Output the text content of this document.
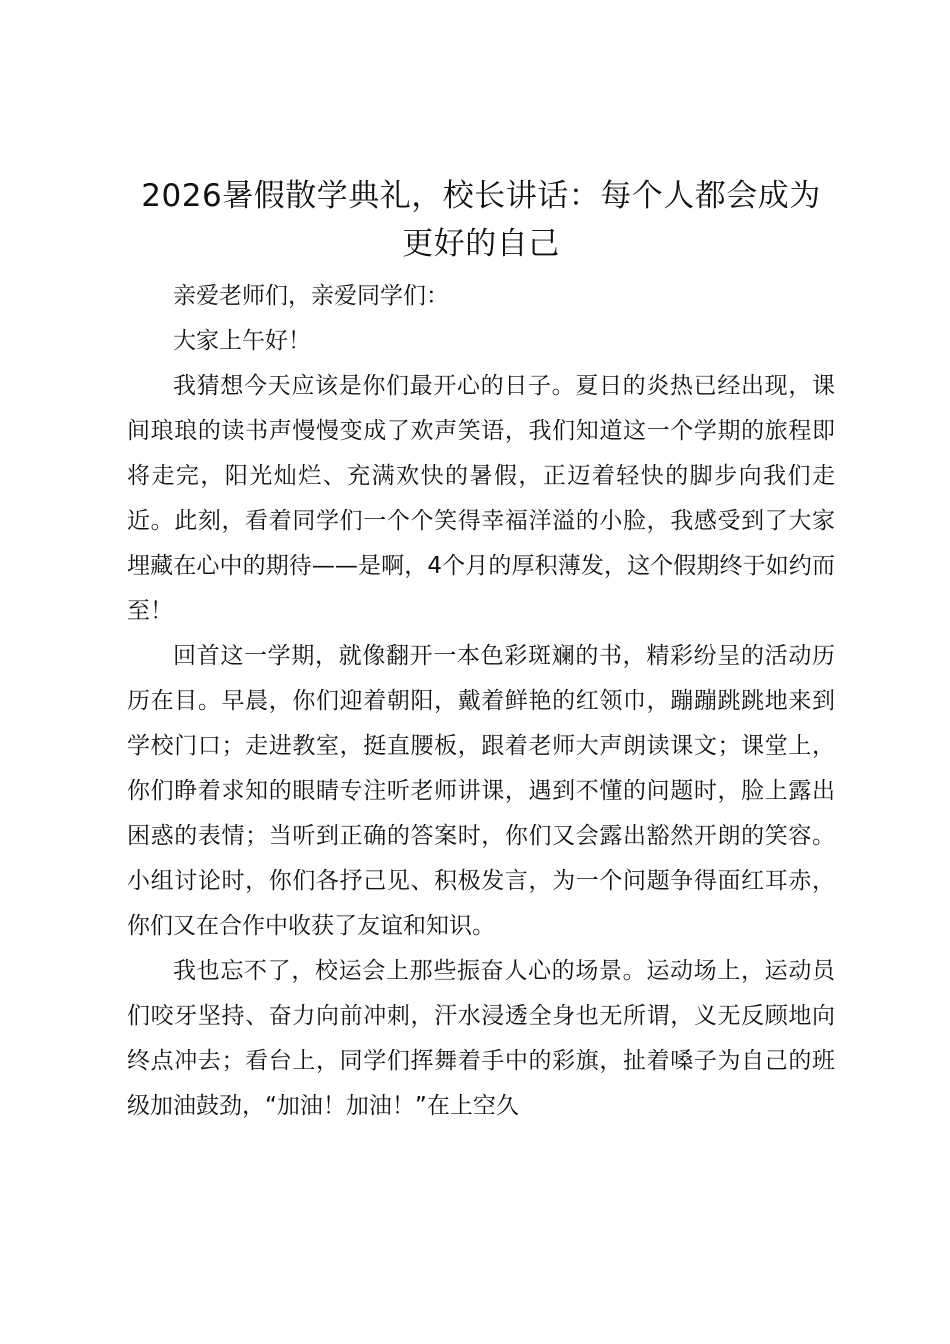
2026暑假散学典礼，校长讲话：每个人都会成为更好的自己

亲爱老师们，亲爱同学们：

大家上午好！

我猜想今天应该是你们最开心的日子。夏日的炎热已经出现，课间琅琅的读书声慢慢变成了欢声笑语，我们知道这一个学期的旅程即将走完，阳光灿烂、充满欢快的暑假，正迈着轻快的脚步向我们走近。此刻，看着同学们一个个笑得幸福洋溢的小脸，我感受到了大家埋藏在心中的期待——是啊，4个月的厚积薄发，这个假期终于如约而至！

回首这一学期，就像翻开一本色彩斑斓的书，精彩纷呈的活动历历在目。早晨，你们迎着朝阳，戴着鲜艳的红领巾，蹦蹦跳跳地来到学校门口；走进教室，挺直腰板，跟着老师大声朗读课文；课堂上，你们睁着求知的眼睛专注听老师讲课，遇到不懂的问题时，脸上露出困惑的表情；当听到正确的答案时，你们又会露出豁然开朗的笑容。小组讨论时，你们各抒己见、积极发言，为一个问题争得面红耳赤，你们又在合作中收获了友谊和知识。

我也忘不了，校运会上那些振奋人心的场景。运动场上，运动员们咬牙坚持、奋力向前冲刺，汗水浸透全身也无所谓，义无反顾地向终点冲去；看台上，同学们挥舞着手中的彩旗，扯着嗓子为自己的班级加油鼓劲，“加油！加油！”在上空久
